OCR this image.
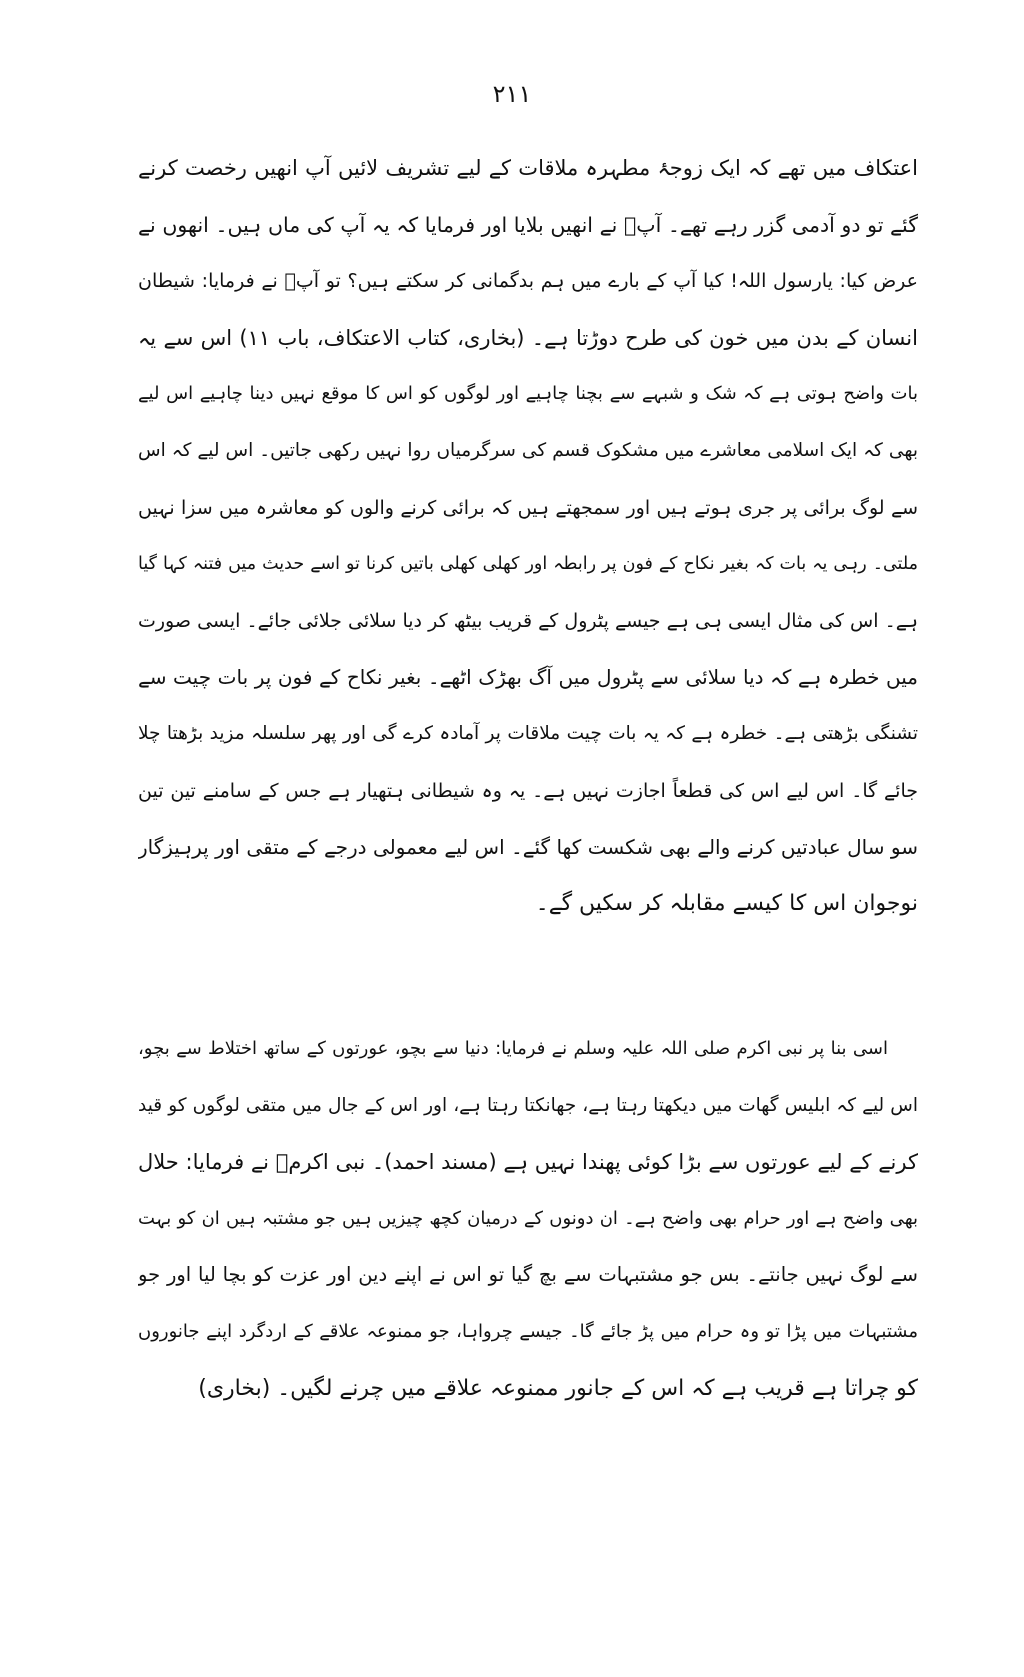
۲۱۱
اعتکاف میں تھے کہ ایک زوجۂ مطہرہ ملاقات کے لیے تشریف لائیں آپ انھیں رخصت کرنے
گئے تو دو آدمی گزر رہے تھے۔ آپؐ نے انھیں بلایا اور فرمایا کہ یہ آپ کی ماں ہیں۔ انھوں نے
عرض کیا: یارسول اللہ! کیا آپ کے بارے میں ہم بدگمانی کر سکتے ہیں؟ تو آپؐ نے فرمایا: شیطان
انسان کے بدن میں خون کی طرح دوڑتا ہے۔ (بخاری، کتاب الاعتکاف، باب ۱۱) اس سے یہ
بات واضح ہوتی ہے کہ شک و شبہے سے بچنا چاہیے اور لوگوں کو اس کا موقع نہیں دینا چاہیے اس لیے
بھی کہ ایک اسلامی معاشرے میں مشکوک قسم کی سرگرمیاں روا نہیں رکھی جاتیں۔ اس لیے کہ اس
سے لوگ برائی پر جری ہوتے ہیں اور سمجھتے ہیں کہ برائی کرنے والوں کو معاشرہ میں سزا نہیں
ملتی۔ رہی یہ بات کہ بغیر نکاح کے فون پر رابطہ اور کھلی کھلی باتیں کرنا تو اسے حدیث میں فتنہ کہا گیا
ہے۔ اس کی مثال ایسی ہی ہے جیسے پٹرول کے قریب بیٹھ کر دیا سلائی جلائی جائے۔ ایسی صورت
میں خطرہ ہے کہ دیا سلائی سے پٹرول میں آگ بھڑک اٹھے۔ بغیر نکاح کے فون پر بات چیت سے
تشنگی بڑھتی ہے۔ خطرہ ہے کہ یہ بات چیت ملاقات پر آمادہ کرے گی اور پھر سلسلہ مزید بڑھتا چلا
جائے گا۔ اس لیے اس کی قطعاً اجازت نہیں ہے۔ یہ وہ شیطانی ہتھیار ہے جس کے سامنے تین تین
سو سال عبادتیں کرنے والے بھی شکست کھا گئے۔ اس لیے معمولی درجے کے متقی اور پرہیزگار
نوجوان اس کا کیسے مقابلہ کر سکیں گے۔
اسی بنا پر نبی اکرم صلی اللہ علیہ وسلم نے فرمایا: دنیا سے بچو، عورتوں کے ساتھ اختلاط سے بچو،
اس لیے کہ ابلیس گھات میں دیکھتا رہتا ہے، جھانکتا رہتا ہے، اور اس کے جال میں متقی لوگوں کو قید
کرنے کے لیے عورتوں سے بڑا کوئی پھندا نہیں ہے (مسند احمد)۔ نبی اکرمؐ نے فرمایا: حلال
بھی واضح ہے اور حرام بھی واضح ہے۔ ان دونوں کے درمیان کچھ چیزیں ہیں جو مشتبہ ہیں ان کو بہت
سے لوگ نہیں جانتے۔ بس جو مشتبہات سے بچ گیا تو اس نے اپنے دین اور عزت کو بچا لیا اور جو
مشتبہات میں پڑا تو وہ حرام میں پڑ جائے گا۔ جیسے چرواہا، جو ممنوعہ علاقے کے اردگرد اپنے جانوروں
کو چراتا ہے قریب ہے کہ اس کے جانور ممنوعہ علاقے میں چرنے لگیں۔ (بخاری)
